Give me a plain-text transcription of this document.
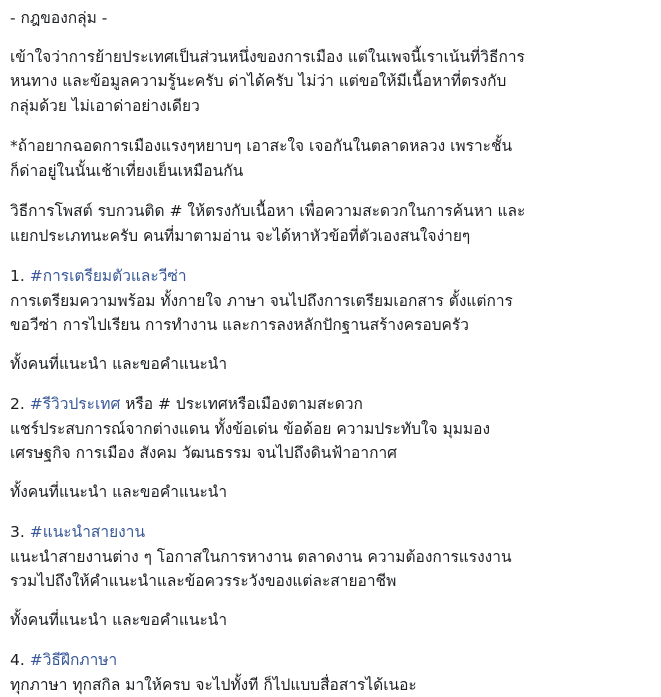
- กฎของกลุ่ม -

เข้าใจว่าการย้ายประเทศเป็นส่วนหนึ่งของการเมือง แต่ในเพจนี้เราเน้นที่วิธีการ
หนทาง และข้อมูลความรู้นะครับ ด่าได้ครับ ไม่ว่า แต่ขอให้มีเนื้อหาที่ตรงกับ
กลุ่มด้วย ไม่เอาด่าอย่างเดียว

*ถ้าอยากฉอดการเมืองแรงๆหยาบๆ เอาสะใจ เจอกันในตลาดหลวง เพราะชั้น
ก็ด่าอยู่ในนั้นเช้าเที่ยงเย็นเหมือนกัน

วิธีการโพสต์ รบกวนติด # ให้ตรงกับเนื้อหา เพื่อความสะดวกในการค้นหา และ
แยกประเภทนะครับ คนที่มาตามอ่าน จะได้หาหัวข้อที่ตัวเองสนใจง่ายๆ

1. #การเตรียมตัวและวีซ่า
การเตรียมความพร้อม ทั้งกายใจ ภาษา จนไปถึงการเตรียมเอกสาร ตั้งแต่การ
ขอวีซ่า การไปเรียน การทำงาน และการลงหลักปักฐานสร้างครอบครัว

ทั้งคนที่แนะนำ และขอคำแนะนำ

2. #รีวิวประเทศ หรือ # ประเทศหรือเมืองตามสะดวก
แชร์ประสบการณ์จากต่างแดน ทั้งข้อเด่น ข้อด้อย ความประทับใจ มุมมอง
เศรษฐกิจ การเมือง สังคม วัฒนธรรม จนไปถึงดินฟ้าอากาศ

ทั้งคนที่แนะนำ และขอคำแนะนำ

3. #แนะนำสายงาน
แนะนำสายงานต่าง ๆ โอกาสในการหางาน ตลาดงาน ความต้องการแรงงาน
รวมไปถึงให้คำแนะนำและข้อควรระวังของแต่ละสายอาชีพ

ทั้งคนที่แนะนำ และขอคำแนะนำ

4. #วิธีฝึกภาษา
ทุกภาษา ทุกสกิล มาให้ครบ จะไปทั้งที ก็ไปแบบสื่อสารได้เนอะ
